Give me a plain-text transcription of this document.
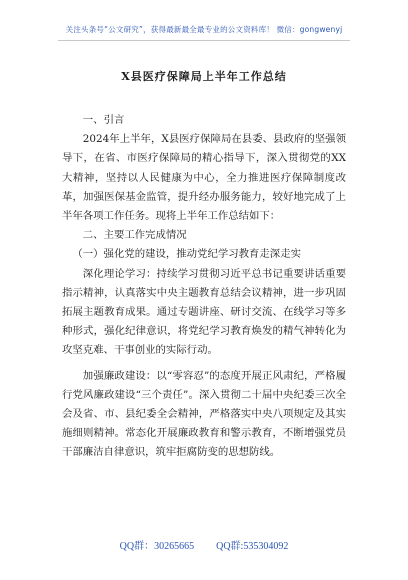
关注头条号“公文研究”，获得最新最全最专业的公文资料库！ 微信：gongwenyj
X县医疗保障局上半年工作总结

一、引言

2024年上半年，X县医疗保障局在县委、县政府的坚强领导下，在省、市医疗保障局的精心指导下，深入贯彻党的XX大精神，坚持以人民健康为中心，全力推进医疗保障制度改革，加强医保基金监管，提升经办服务能力，较好地完成了上半年各项工作任务。现将上半年工作总结如下：

二、主要工作完成情况

（一）强化党的建设，推动党纪学习教育走深走实

深化理论学习：持续学习贯彻习近平总书记重要讲话重要指示精神，认真落实中央主题教育总结会议精神，进一步巩固拓展主题教育成果。通过专题讲座、研讨交流、在线学习等多种形式，强化纪律意识，将党纪学习教育焕发的精气神转化为攻坚克难、干事创业的实际行动。

加强廉政建设：以“零容忍”的态度开展正风肃纪，严格履行党风廉政建设“三个责任”。深入贯彻二十届中央纪委三次全会及省、市、县纪委全会精神，严格落实中央八项规定及其实施细则精神。常态化开展廉政教育和警示教育，不断增强党员干部廉洁自律意识，筑牢拒腐防变的思想防线。

QQ群：30265665 QQ群:535304092
